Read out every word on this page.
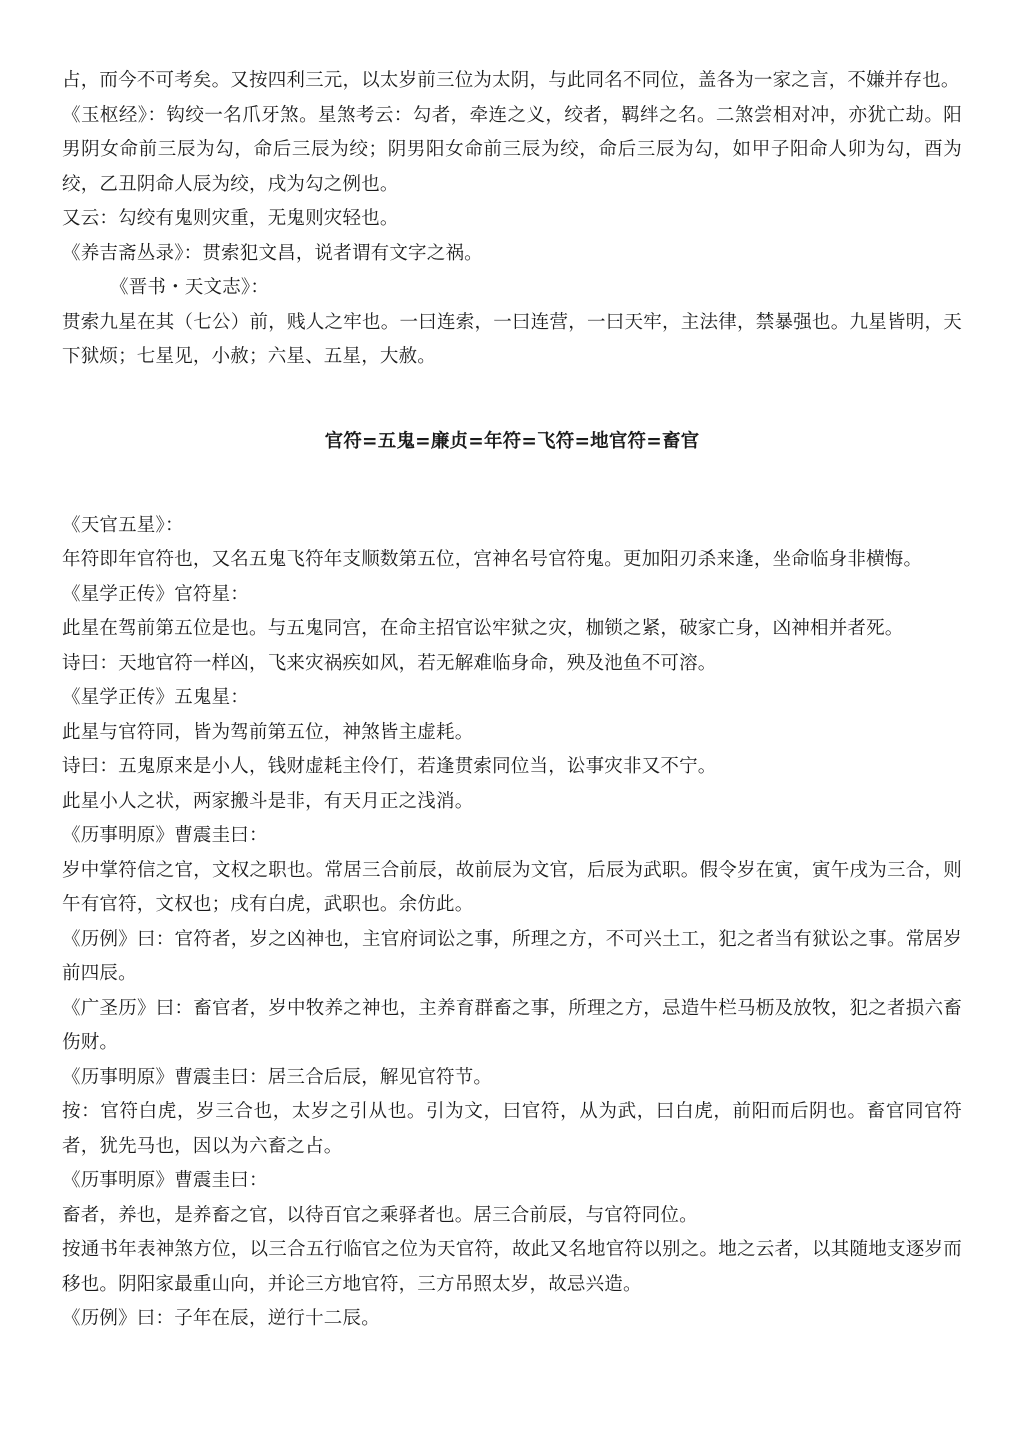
占，而今不可考矣。又按四利三元，以太岁前三位为太阴，与此同名不同位，盖各为一家之言，不嫌并存也。

《玉枢经》：钩绞一名爪牙煞。星煞考云：勾者，牵连之义，绞者，羁绊之名。二煞尝相对冲，亦犹亡劫。阳男阴女命前三辰为勾，命后三辰为绞；阴男阳女命前三辰为绞，命后三辰为勾，如甲子阳命人卯为勾，酉为绞，乙丑阴命人辰为绞，戌为勾之例也。

又云：勾绞有鬼则灾重，无鬼则灾轻也。

《养吉斋丛录》：贯索犯文昌，说者谓有文字之祸。

《晋书・天文志》：

贯索九星在其（七公）前，贱人之牢也。一曰连索，一曰连营，一曰天牢，主法律，禁暴强也。九星皆明，天下狱烦；七星见，小赦；六星、五星，大赦。

官符=五鬼=廉贞=年符=飞符=地官符=畜官

《天官五星》：

年符即年官符也，又名五鬼飞符年支顺数第五位，宫神名号官符鬼。更加阳刃杀来逢，坐命临身非横悔。

《星学正传》官符星：

此星在驾前第五位是也。与五鬼同宫，在命主招官讼牢狱之灾，枷锁之紧，破家亡身，凶神相并者死。

诗曰：天地官符一样凶，飞来灾祸疾如风，若无解难临身命，殃及池鱼不可溶。

《星学正传》五鬼星：

此星与官符同，皆为驾前第五位，神煞皆主虚耗。

诗曰：五鬼原来是小人，钱财虚耗主伶仃，若逢贯索同位当，讼事灾非又不宁。

此星小人之状，两家搬斗是非，有天月正之浅消。

《历事明原》曹震圭曰：

岁中掌符信之官，文权之职也。常居三合前辰，故前辰为文官，后辰为武职。假令岁在寅，寅午戌为三合，则午有官符，文权也；戌有白虎，武职也。余仿此。

《历例》曰：官符者，岁之凶神也，主官府词讼之事，所理之方，不可兴土工，犯之者当有狱讼之事。常居岁前四辰。

《广圣历》曰：畜官者，岁中牧养之神也，主养育群畜之事，所理之方，忌造牛栏马枥及放牧，犯之者损六畜伤财。

《历事明原》曹震圭曰：居三合后辰，解见官符节。

按：官符白虎，岁三合也，太岁之引从也。引为文，曰官符，从为武，曰白虎，前阳而后阴也。畜官同官符者，犹先马也，因以为六畜之占。

《历事明原》曹震圭曰：

畜者，养也，是养畜之官，以待百官之乘驿者也。居三合前辰，与官符同位。

按通书年表神煞方位，以三合五行临官之位为天官符，故此又名地官符以别之。地之云者，以其随地支逐岁而移也。阴阳家最重山向，并论三方地官符，三方吊照太岁，故忌兴造。

《历例》曰：子年在辰，逆行十二辰。
